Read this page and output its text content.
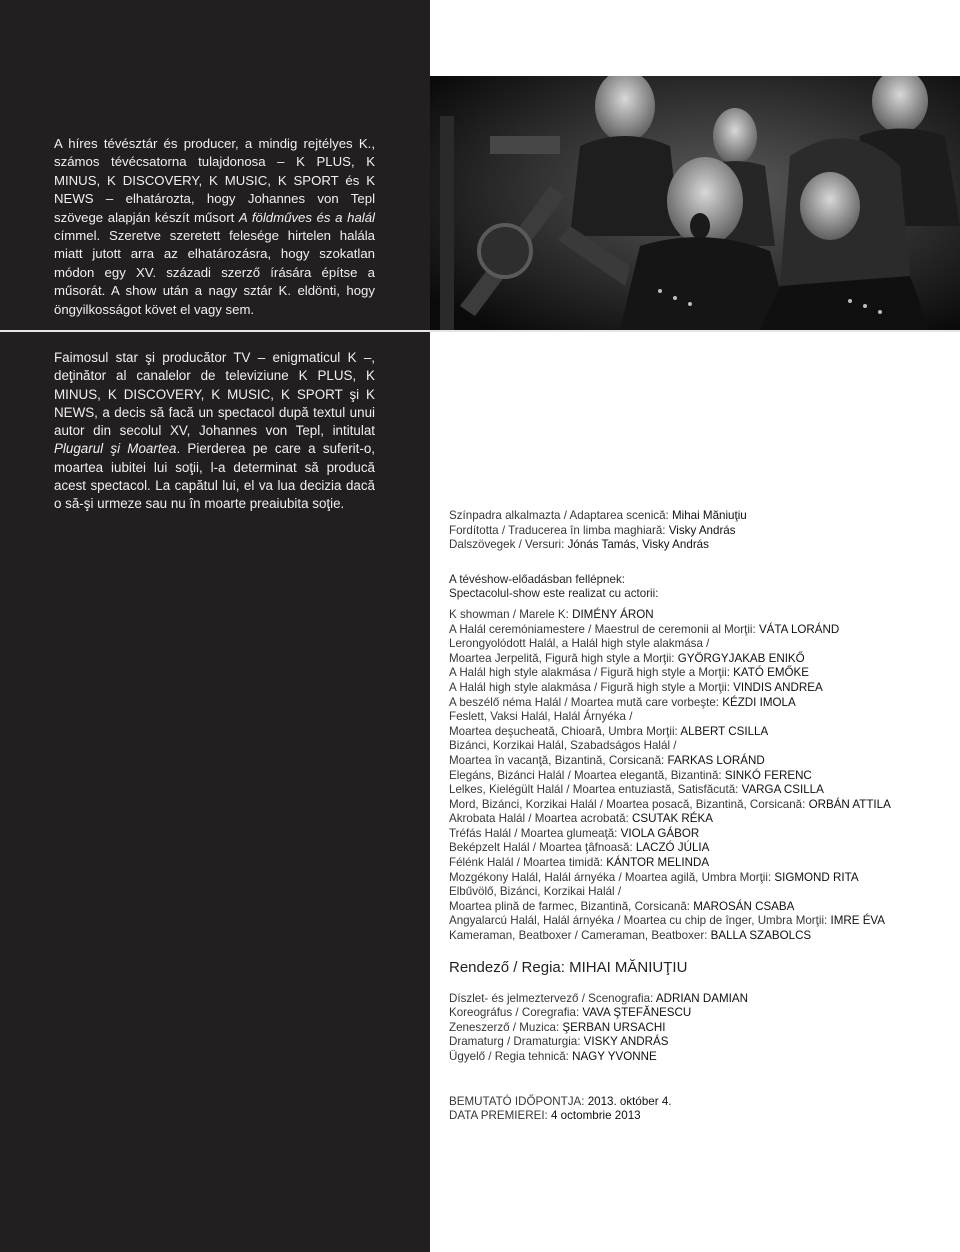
A híres tévésztár és producer, a mindig rejtélyes K., számos tévécsatorna tulajdonosa – K PLUS, K MINUS, K DISCOVERY, K MUSIC, K SPORT és K NEWS – elhatározta, hogy Johannes von Tepl szövege alapján készít műsort A földműves és a halál címmel. Szeretve szeretett felesége hirtelen halála miatt jutott arra az elhatározásra, hogy szokatlan módon egy XV. századi szerző írására építse a műsorát. A show után a nagy sztár K. eldönti, hogy öngyilkosságot követ el vagy sem.

Faimosul star şi producător TV – enigmaticul K –, deţinător al canalelor de televiziune K PLUS, K MINUS, K DISCOVERY, K MUSIC, K SPORT şi K NEWS, a decis să facă un spectacol după textul unui autor din secolul XV, Johannes von Tepl, intitulat Plugarul şi Moartea. Pierderea pe care a suferit-o, moartea iubitei lui soţii, l-a determinat să producă acest spectacol. La capătul lui, el va lua decizia dacă o să-şi urmeze sau nu în moarte preaiubita soţie.

Színpadra alkalmazta / Adaptarea scenică: Mihai Măniuţiu
Fordította / Traducerea în limba maghiară: Visky András
Dalszövegek / Versuri: Jónás Tamás, Visky András
A tévéshow-előadásban fellépnek:
Spectacolul-show este realizat cu actorii:
K showman / Marele K: DIMÉNY ÁRON
A Halál ceremóniamestere / Maestrul de ceremonii al Morţii: VÁTA LORÁND
Lerongyolódott Halál, a Halál high style alakmása /
Moartea Jerpelită, Figură high style a Morţii: GYÖRGYJAKAB ENIKŐ
A Halál high style alakmása / Figură high style a Morţii: KATÓ EMŐKE
A Halál high style alakmása / Figură high style a Morţii: VINDIS ANDREA
A beszélő néma Halál / Moartea mută care vorbeşte: KÉZDI IMOLA
Feslett, Vaksi Halál, Halál Árnyéka /
Moartea deşucheată, Chioară, Umbra Morţii: ALBERT CSILLA
Bizánci, Korzikai Halál, Szabadságos Halál /
Moartea în vacanţă, Bizantină, Corsicană: FARKAS LORÁND
Elegáns, Bizánci Halál / Moartea elegantă, Bizantină: SINKÓ FERENC
Lelkes, Kielégült Halál / Moartea entuziastă, Satisfăcută: VARGA CSILLA
Mord, Bizánci, Korzikai Halál / Moartea posacă, Bizantină, Corsicană: ORBÁN ATTILA
Akrobata Halál / Moartea acrobată: CSUTAK RÉKA
Tréfás Halál / Moartea glumeaţă: VIOLA GÁBOR
Beképzelt Halál / Moartea ţâfnoasă: LACZÓ JÚLIA
Félénk Halál / Moartea timidă: KÁNTOR MELINDA
Mozgékony Halál, Halál árnyéka / Moartea agilă, Umbra Morţii: SIGMOND RITA
Elbűvölő, Bizánci, Korzikai Halál /
Moartea plină de farmec, Bizantină, Corsicană: MAROSÁN CSABA
Angyalarcú Halál, Halál árnyéka / Moartea cu chip de înger, Umbra Morţii: IMRE ÉVA
Kameraman, Beatboxer / Cameraman, Beatboxer: BALLA SZABOLCS
Rendező / Regia: MIHAI MĂNIUŢIU
Díszlet- és jelmeztervező / Scenografia: ADRIAN DAMIAN
Koreográfus / Coregrafia: VAVA ŞTEFĂNESCU
Zeneszerző / Muzica: ŞERBAN URSACHI
Dramaturg / Dramaturgia: VISKY ANDRÁS
Ügyelő / Regia tehnică: NAGY YVONNE
BEMUTATÓ IDŐPONTJA: 2013. október 4.
DATA PREMIEREI: 4 octombrie 2013
